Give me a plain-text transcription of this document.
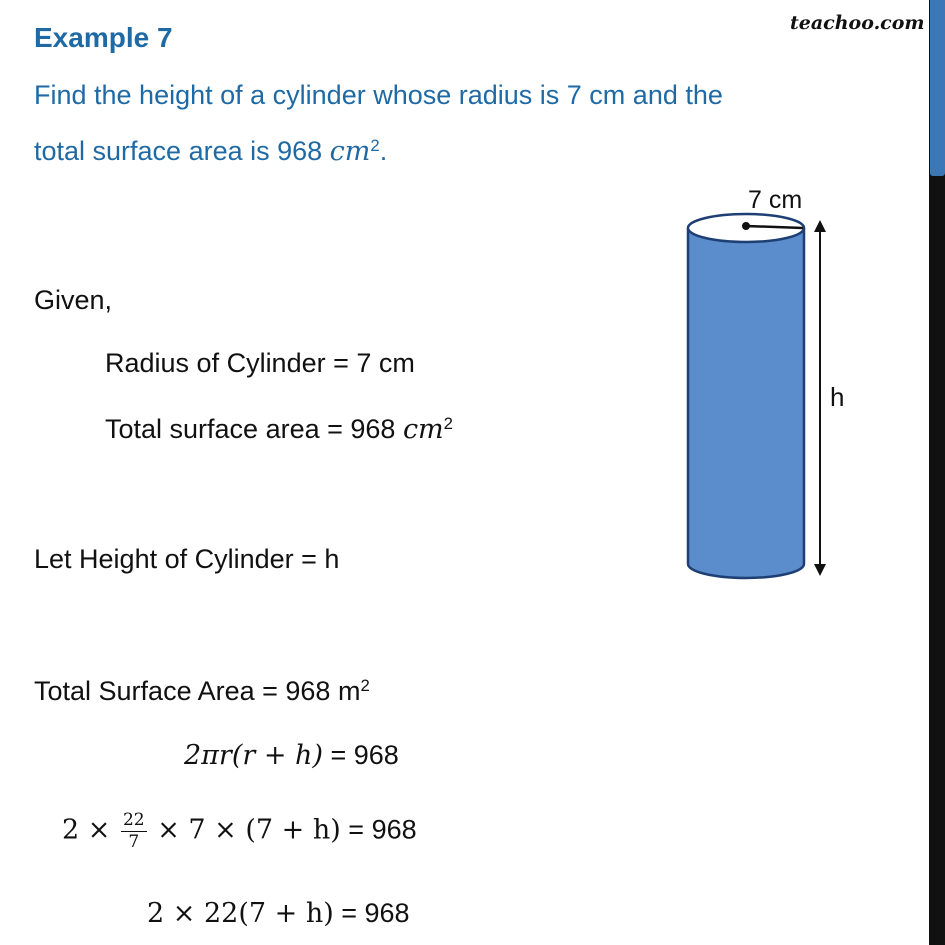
teachoo.com
Example 7
Find the height of a cylinder whose radius is 7 cm and the
total surface area is 968 $cm^2$.
Given,
Radius of Cylinder = 7 cm
Total surface area = 968 $cm^2$
Let Height of Cylinder = h
Total Surface Area = 968 $m^2$
2πr(r + h) = 968
$2 \times \frac{22}{7} \times 7 \times (7 + h) = 968$
2 × 22(7 + h) = 968
7 cm
h
